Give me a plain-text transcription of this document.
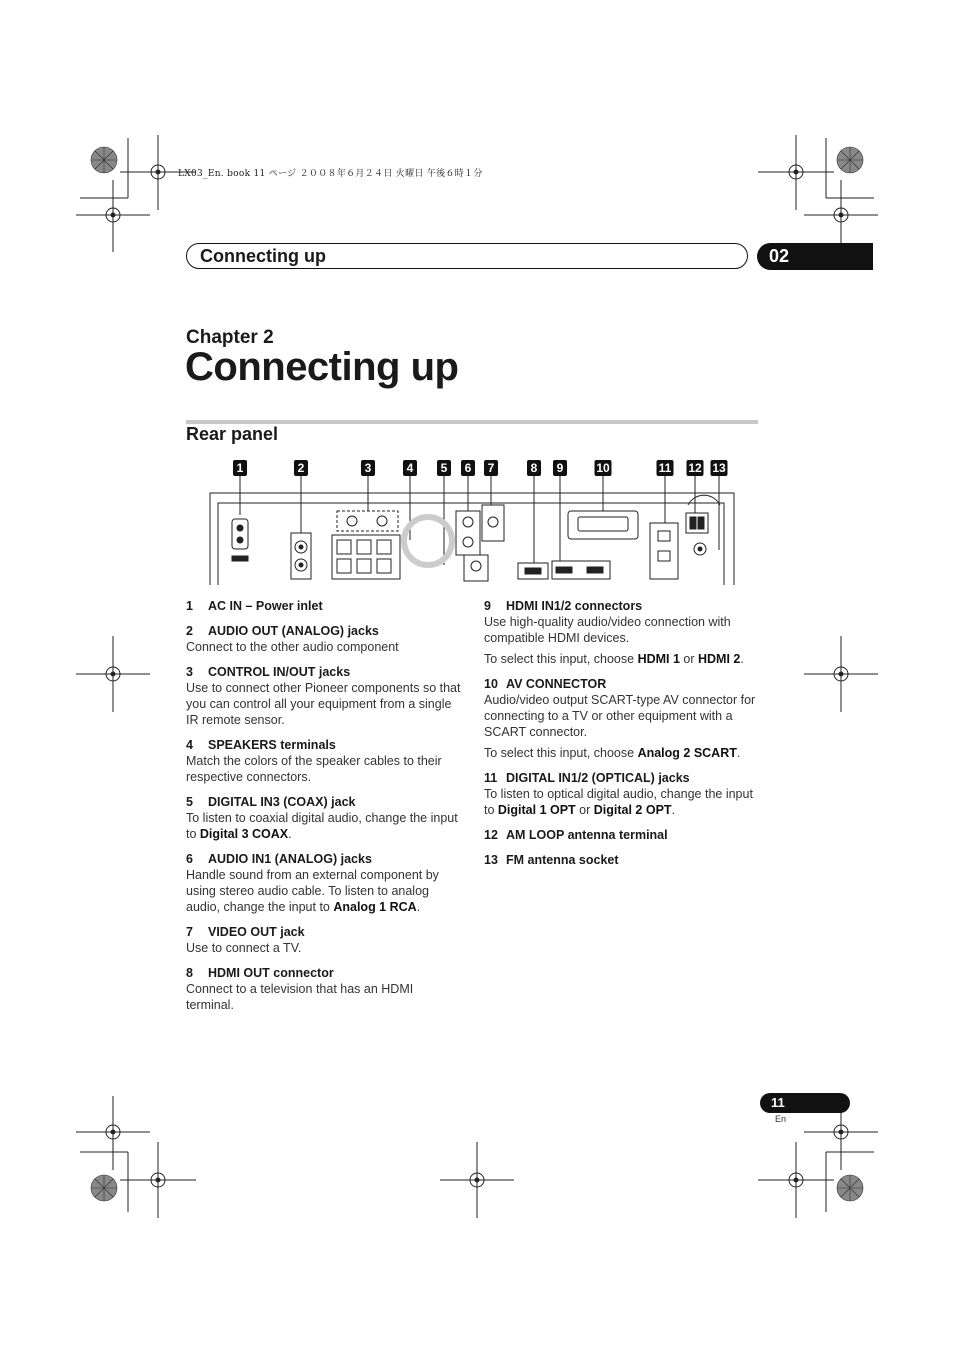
LX03_En. book 11 ページ ２００８年６月２４日 火曜日 午後６時１分
Connecting up	02
Chapter 2
Connecting up
Rear panel
1	2	3	4 5 6 7	8 9	10	11 12 13
1 AC IN – Power inlet
2 AUDIO OUT (ANALOG) jacks

Connect to the other audio component

3 CONTROL IN/OUT jacks

Use to connect other Pioneer components so that you can control all your equipment from a single IR remote sensor.

4 SPEAKERS terminals

Match the colors of the speaker cables to their respective connectors.

5 DIGITAL IN3 (COAX) jack

To listen to coaxial digital audio, change the input to Digital 3 COAX.

6 AUDIO IN1 (ANALOG) jacks

Handle sound from an external component by using stereo audio cable. To listen to analog audio, change the input to Analog 1 RCA.

7 VIDEO OUT jack

Use to connect a TV.

8 HDMI OUT connector

Connect to a television that has an HDMI terminal.

9 HDMI IN1/2 connectors

Use high-quality audio/video connection with compatible HDMI devices.

To select this input, choose HDMI 1 or HDMI 2.

10 AV CONNECTOR

Audio/video output SCART-type AV connector for connecting to a TV or other equipment with a SCART connector.

To select this input, choose Analog 2 SCART.

11 DIGITAL IN1/2 (OPTICAL) jacks

To listen to optical digital audio, change the input to Digital 1 OPT or Digital 2 OPT.

12 AM LOOP antenna terminal
13 FM antenna socket
11
En
